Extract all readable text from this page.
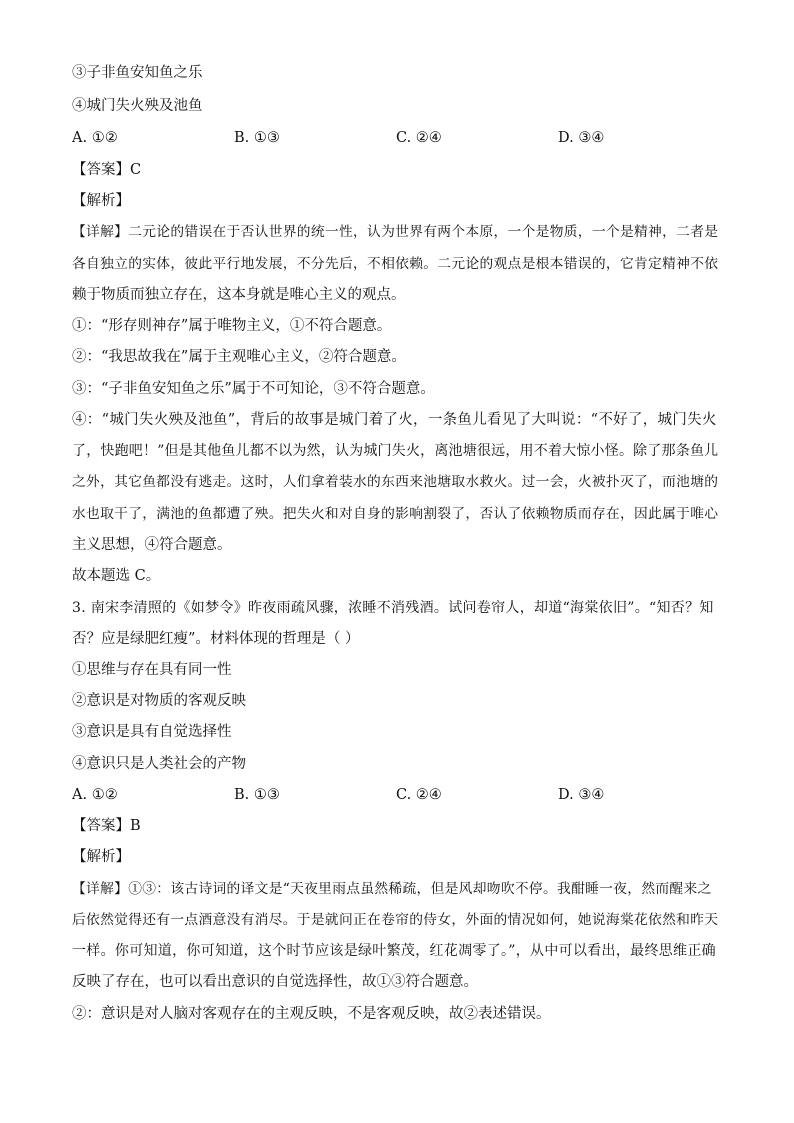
③子非鱼安知鱼之乐
④城门失火殃及池鱼
A. ①②	B. ①③	C. ②④	D. ③④
【答案】C
【解析】
【详解】二元论的错误在于否认世界的统一性，认为世界有两个本原，一个是物质，一个是精神，二者是
各自独立的实体，彼此平行地发展，不分先后，不相依赖。二元论的观点是根本错误的，它肯定精神不依
赖于物质而独立存在，这本身就是唯心主义的观点。
①：“形存则神存”属于唯物主义，①不符合题意。
②：“我思故我在”属于主观唯心主义，②符合题意。
③：“子非鱼安知鱼之乐”属于不可知论，③不符合题意。
④：“城门失火殃及池鱼”，背后的故事是城门着了火，一条鱼儿看见了大叫说：“不好了，城门失火
了，快跑吧！”但是其他鱼儿都不以为然，认为城门失火，离池塘很远，用不着大惊小怪。除了那条鱼儿
之外，其它鱼都没有逃走。这时，人们拿着装水的东西来池塘取水救火。过一会，火被扑灭了，而池塘的
水也取干了，满池的鱼都遭了殃。把失火和对自身的影响割裂了，否认了依赖物质而存在，因此属于唯心
主义思想，④符合题意。
故本题选 C。
3. 南宋李清照的《如梦令》昨夜雨疏风骤，浓睡不消残酒。试问卷帘人，却道“海棠依旧”。“知否？知
否？应是绿肥红瘦”。材料体现的哲理是（ ）
①思维与存在具有同一性
②意识是对物质的客观反映
③意识是具有自觉选择性
④意识只是人类社会的产物
A. ①②	B. ①③	C. ②④	D. ③④
【答案】B
【解析】
【详解】①③：该古诗词的译文是“天夜里雨点虽然稀疏，但是风却吻吹不停。我酣睡一夜，然而醒来之
后依然觉得还有一点酒意没有消尽。于是就问正在卷帘的侍女，外面的情况如何，她说海棠花依然和昨天
一样。你可知道，你可知道，这个时节应该是绿叶繁茂，红花凋零了。”，从中可以看出，最终思维正确
反映了存在，也可以看出意识的自觉选择性，故①③符合题意。
②：意识是对人脑对客观存在的主观反映，不是客观反映，故②表述错误。
